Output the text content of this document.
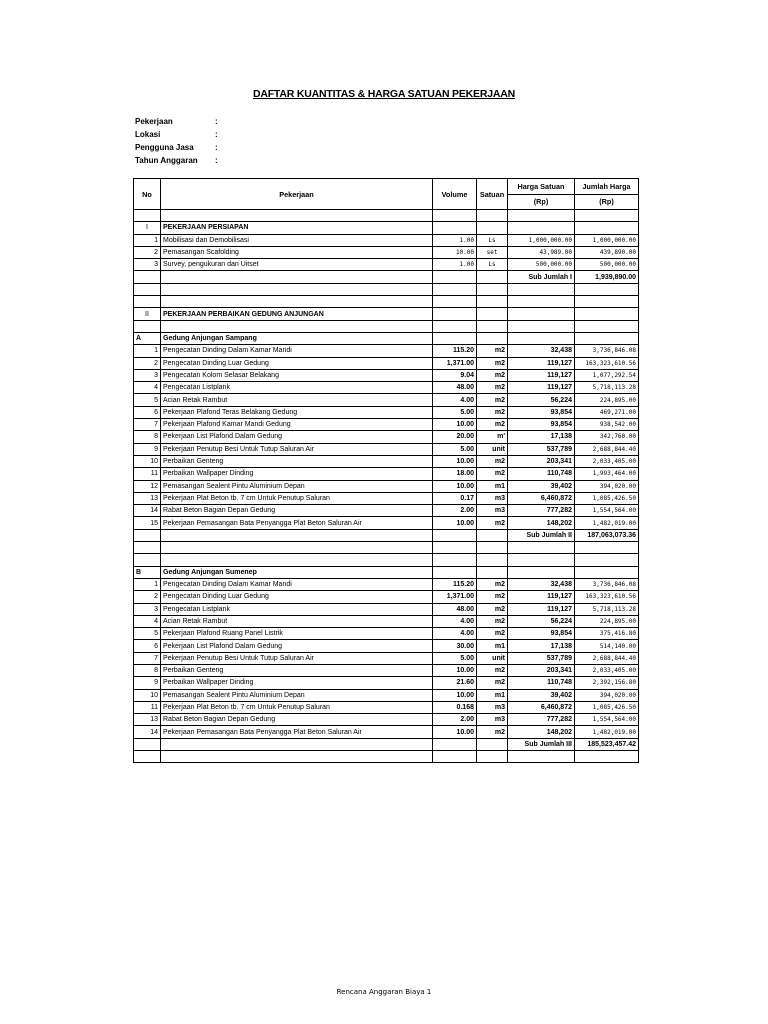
DAFTAR KUANTITAS & HARGA SATUAN PEKERJAAN
Pekerjaan	:
Lokasi	:
Pengguna Jasa	:
Tahun Anggaran :
No	Pekerjaan	Volume	Satuan	Harga Satuan	Jumlah Harga
				(Rp)	(Rp)

I	PEKERJAAN PERSIAPAN				
1	Mobilisasi dan Demobilisasi	1.00	Ls	1,000,000.00	1,000,000.00
2	Pemasangan Scafolding	10.00	set	43,989.00	439,890.00
3	Survey, pengukuran dan Uitset	1.00	Ls	500,000.00	500,000.00
				Sub Jumlah I	1,939,890.00

II	PEKERJAAN PERBAIKAN GEDUNG ANJUNGAN				

A	Gedung Anjungan Sampang				
1	Pengecatan Dinding Dalam Kamar Mandi	115.20	m2	32,438	3,736,846.08
2	Pengecatan Dinding Luar Gedung	1,371.00	m2	119,127	163,323,610.56
3	Pengecatan Kolom Selasar Belakang	9.04	m2	119,127	1,077,292.54
4	Pengecatan Listplank	48.00	m2	119,127	5,718,113.28
5	Acian Retak Rambut	4.00	m2	56,224	224,895.00
6	Pekerjaan Plafond Teras Belakang Gedung	5.00	m2	93,854	469,271.00
7	Pekerjaan Plafond Kamar Mandi Gedung	10.00	m2	93,854	938,542.00
8	Pekerjaan List Plafond Dalam Gedung	20.00	m'	17,138	342,760.00
9	Pekerjaan Penutup Besi Untuk Tutup Saluran Air	5.00	unit	537,789	2,688,844.40
10	Perbaikan Genteng	10.00	m2	203,341	2,033,405.00
11	Perbaikan Wallpaper Dinding	18.00	m2	110,748	1,993,464.00
12	Pemasangan Sealent Pintu Aluminium Depan	10.00	m1	39,402	394,020.00
13	Pekerjaan Plat Beton tb. 7 cm Untuk Penutup Saluran	0.17	m3	6,460,872	1,085,426.50
14	Rabat Beton Bagian Depan Gedung	2.00	m3	777,282	1,554,564.00
15	Pekerjaan Pemasangan Bata Penyangga Plat Beton Saluran Air	10.00	m2	148,202	1,482,019.00
				Sub Jumlah II	187,063,073.36

B	Gedung Anjungan Sumenep				
1	Pengecatan Dinding Dalam Kamar Mandi	115.20	m2	32,438	3,736,846.08
2	Pengecatan Dinding Luar Gedung	1,371.00	m2	119,127	163,323,610.56
3	Pengecatan Listplank	48.00	m2	119,127	5,718,113.28
4	Acian Retak Rambut	4.00	m2	56,224	224,895.00
5	Pekerjaan Plafond Ruang Panel Listrik	4.00	m2	93,854	375,416.80
6	Pekerjaan List Plafond Dalam Gedung	30.00	m1	17,138	514,140.00
7	Pekerjaan Penutup Besi Untuk Tutup Saluran Air	5.00	unit	537,789	2,688,844.40
8	Perbaikan Genteng	10.00	m2	203,341	2,033,405.00
9	Perbaikan Wallpaper Dinding	21.60	m2	110,748	2,392,156.80
10	Pemasangan Sealent Pintu Aluminium Depan	10.00	m1	39,402	394,020.00
11	Pekerjaan Plat Beton tb. 7 cm Untuk Penutup Saluran	0.168	m3	6,460,872	1,085,426.50
13	Rabat Beton Bagian Depan Gedung	2.00	m3	777,282	1,554,564.00
14	Pekerjaan Pemasangan Bata Penyangga Plat Beton Saluran Air	10.00	m2	148,202	1,482,019.00
				Sub Jumlah III	185,523,457.42

Rencana Anggaran Biaya 1
